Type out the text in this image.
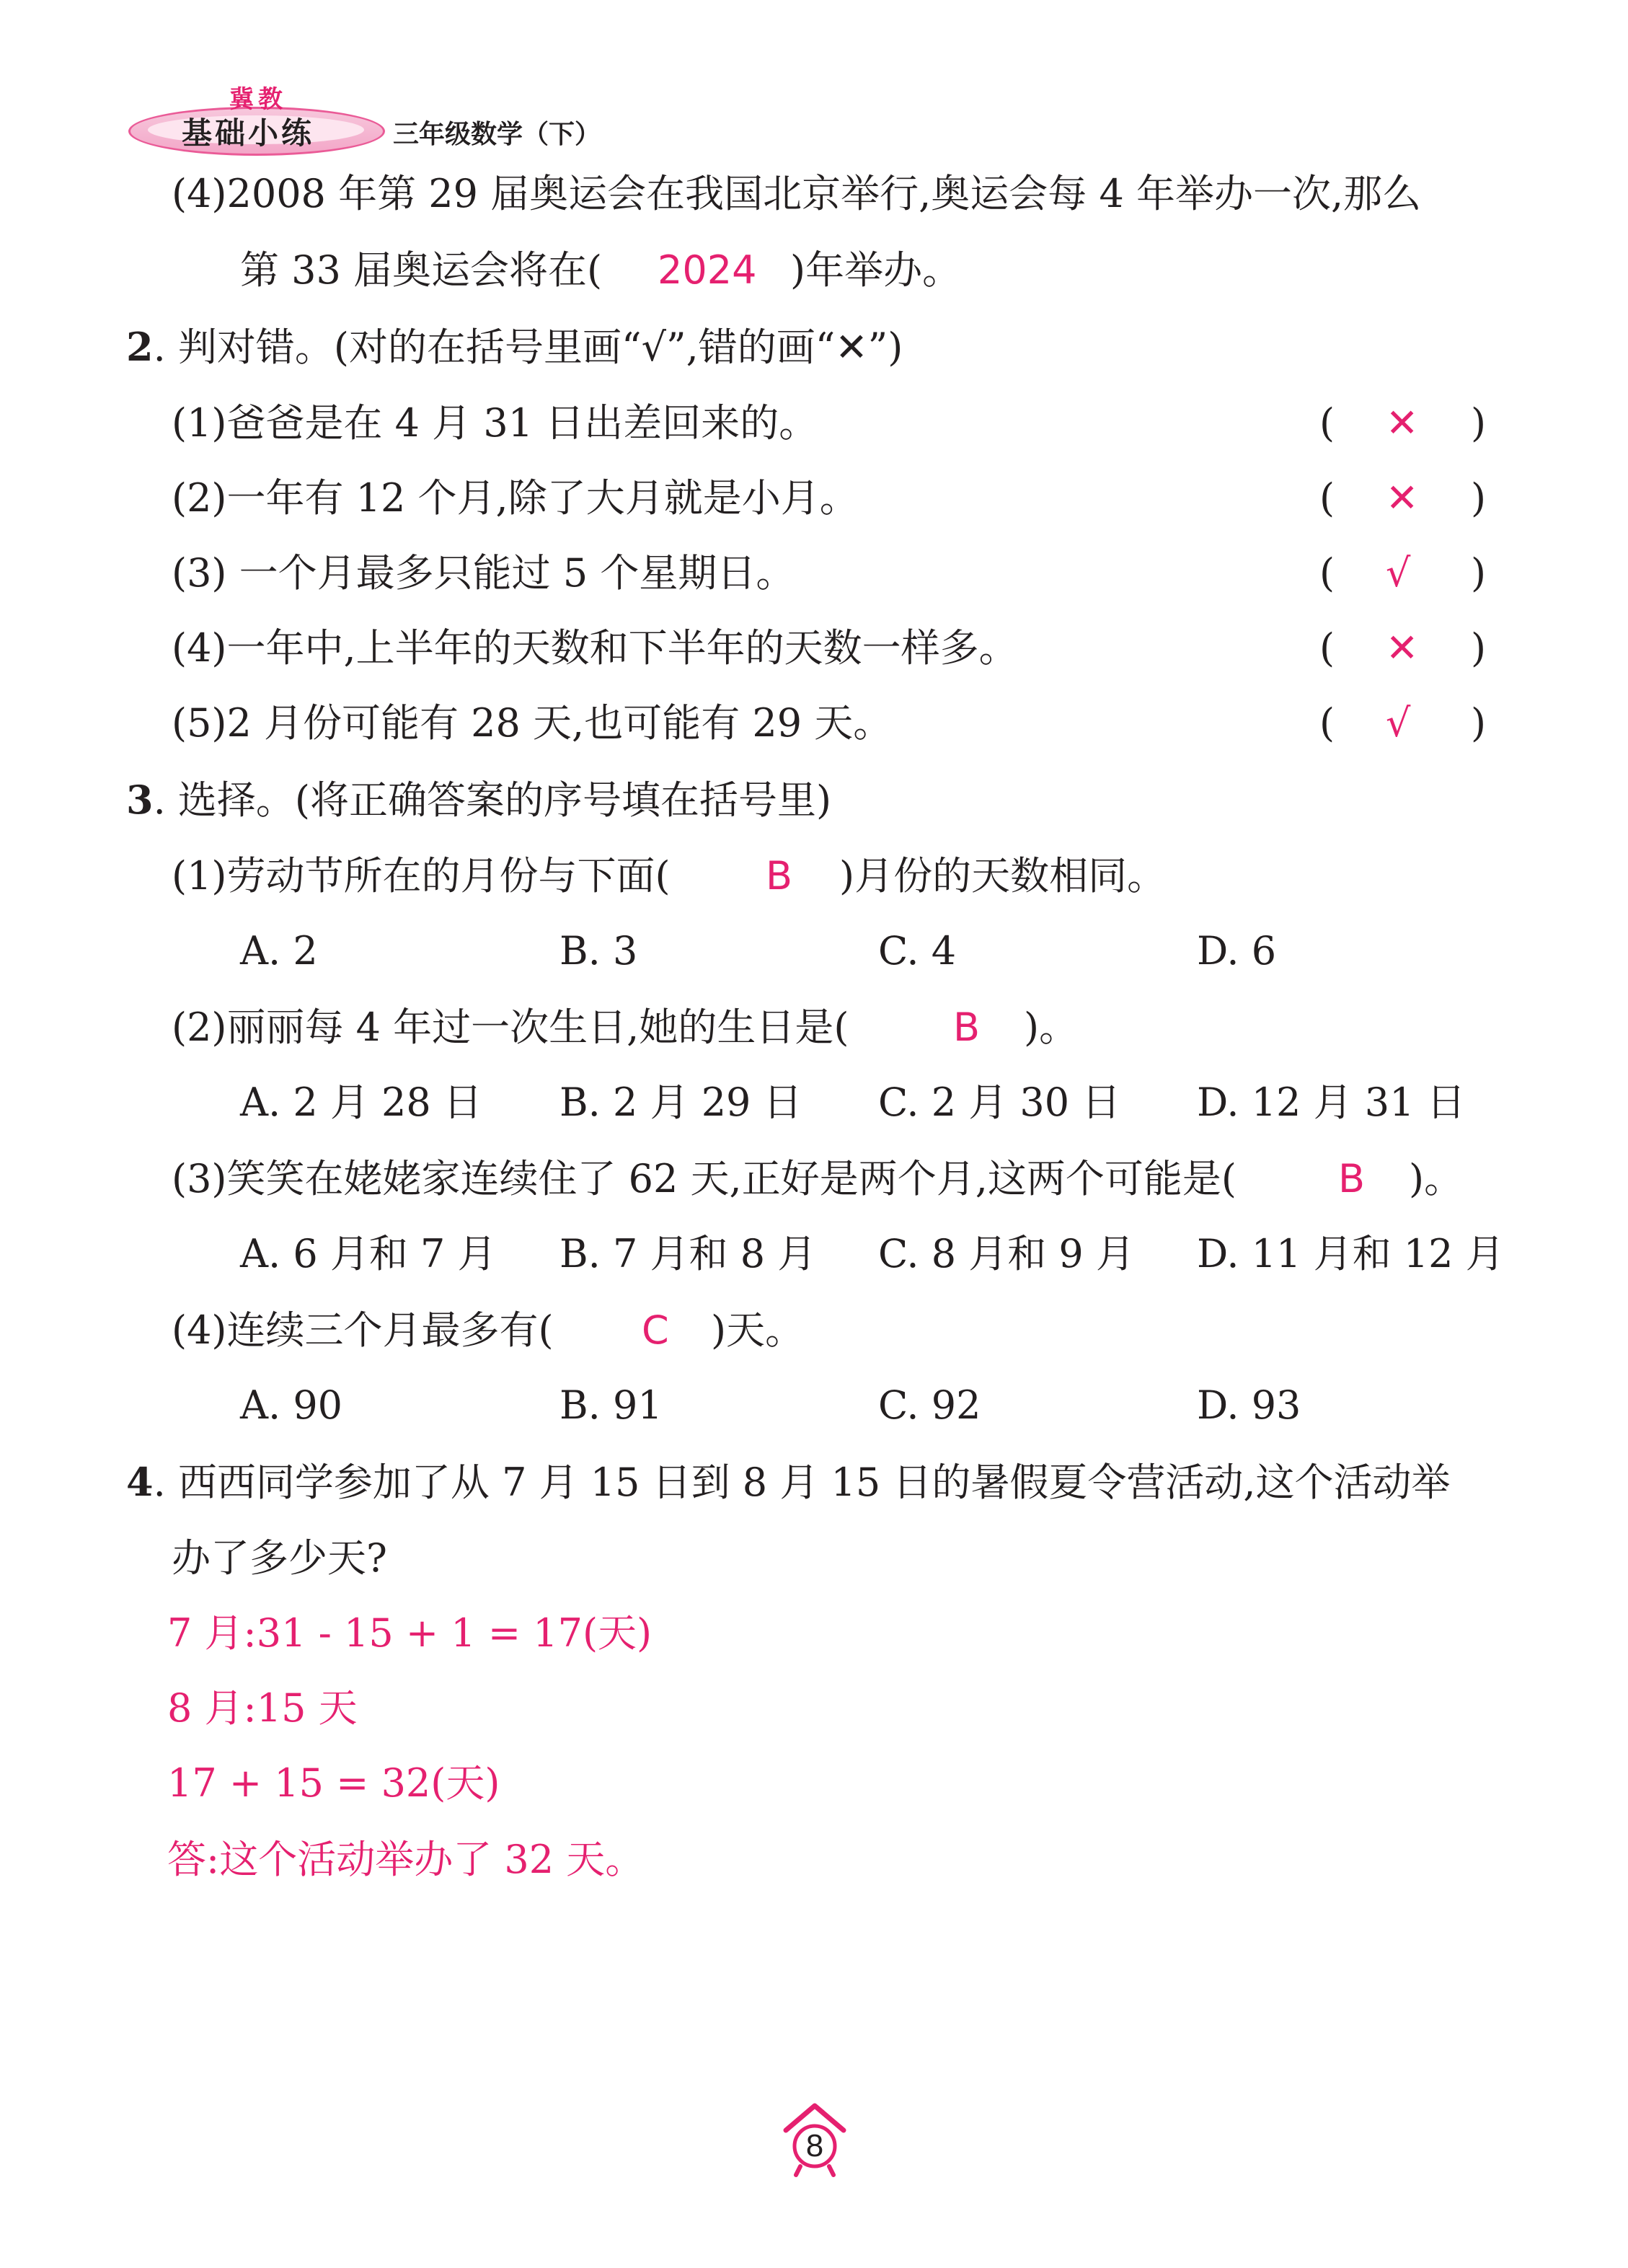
冀教
基础小练	三年级数学（下）
(4)2008 年第 29 届奥运会在我国北京举行,奥运会每 4 年举办一次,那么
第 33 届奥运会将在( 2024 )年举办。
2. 判对错。(对的在括号里画“√”,错的画“✕”)
(1)爸爸是在 4 月 31 日出差回来的。	( ✕ )
(2)一年有 12 个月,除了大月就是小月。	( ✕ )
(3) 一个月最多只能过 5 个星期日。	( √ )
(4)一年中,上半年的天数和下半年的天数一样多。	( ✕ )
(5)2 月份可能有 28 天,也可能有 29 天。	( √ )
3. 选择。(将正确答案的序号填在括号里)
(1)劳动节所在的月份与下面( B )月份的天数相同。
A. 2	B. 3	C. 4	D. 6
(2)丽丽每 4 年过一次生日,她的生日是(	B )。
A. 2 月 28 日 B. 2 月 29 日 C. 2 月 30 日 D. 12 月 31 日
(3)笑笑在姥姥家连续住了 62 天,正好是两个月,这两个可能是(	B )。
A. 6 月和 7 月 B. 7 月和 8 月 C. 8 月和 9 月 D. 11 月和 12 月
(4)连续三个月最多有( C )天。
A. 90	B. 91	C. 92	D. 93
4. 西西同学参加了从 7 月 15 日到 8 月 15 日的暑假夏令营活动,这个活动举
办了多少天?
7 月:31 - 15 + 1 = 17(天)
8 月:15 天
17 + 15 = 32(天)
答:这个活动举办了 32 天。
8
